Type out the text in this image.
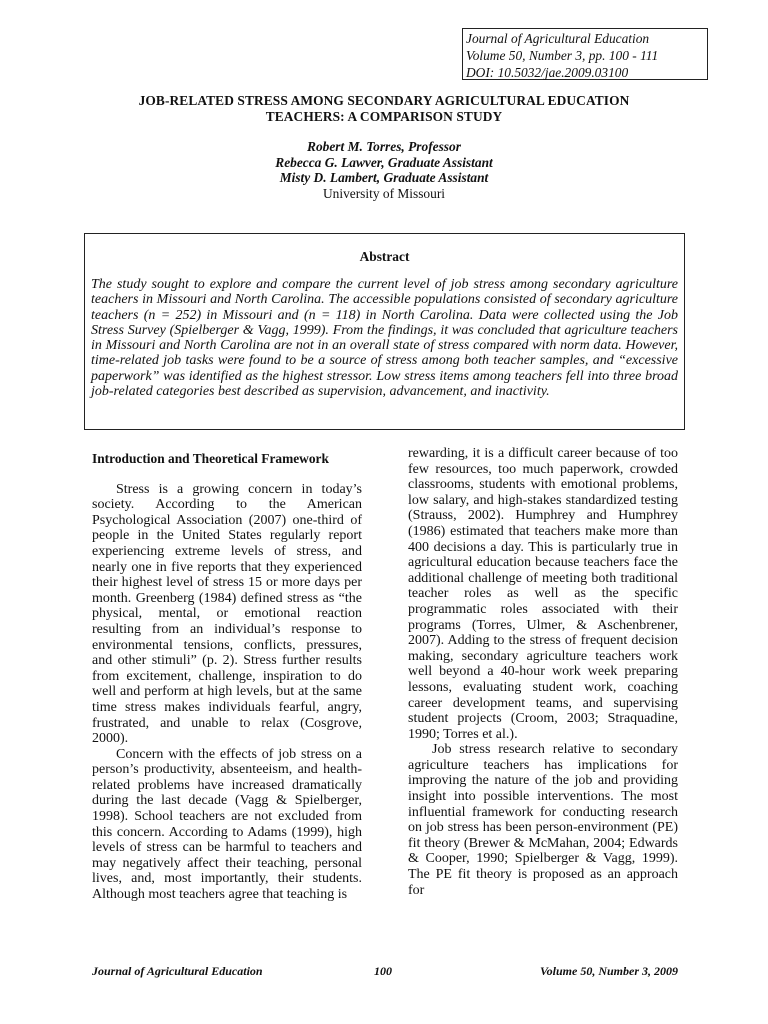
Journal of Agricultural Education
Volume 50, Number 3, pp. 100 - 111
DOI: 10.5032/jae.2009.03100
JOB-RELATED STRESS AMONG SECONDARY AGRICULTURAL EDUCATION
TEACHERS: A COMPARISON STUDY
Robert M. Torres, Professor
Rebecca G. Lawver, Graduate Assistant
Misty D. Lambert, Graduate Assistant
University of Missouri
Abstract
The study sought to explore and compare the current level of job stress among secondary agriculture teachers in Missouri and North Carolina. The accessible populations consisted of secondary agriculture teachers (n = 252) in Missouri and (n = 118) in North Carolina. Data were collected using the Job Stress Survey (Spielberger & Vagg, 1999). From the findings, it was concluded that agriculture teachers in Missouri and North Carolina are not in an overall state of stress compared with norm data. However, time-related job tasks were found to be a source of stress among both teacher samples, and “excessive paperwork” was identified as the highest stressor. Low stress items among teachers fell into three broad job-related categories best described as supervision, advancement, and inactivity.
Introduction and Theoretical Framework

Stress is a growing concern in today’s society. According to the American Psychological Association (2007) one-third of people in the United States regularly report experiencing extreme levels of stress, and nearly one in five reports that they experienced their highest level of stress 15 or more days per month. Greenberg (1984) defined stress as “the physical, mental, or emotional reaction resulting from an individual’s response to environmental tensions, conflicts, pressures, and other stimuli” (p. 2). Stress further results from excitement, challenge, inspiration to do well and perform at high levels, but at the same time stress makes individuals fearful, angry, frustrated, and unable to relax (Cosgrove, 2000).

Concern with the effects of job stress on a person’s productivity, absenteeism, and health-related problems have increased dramatically during the last decade (Vagg & Spielberger, 1998). School teachers are not excluded from this concern. According to Adams (1999), high levels of stress can be harmful to teachers and may negatively affect their teaching, personal lives, and, most importantly, their students. Although most teachers agree that teaching is

rewarding, it is a difficult career because of too few resources, too much paperwork, crowded classrooms, students with emotional problems, low salary, and high-stakes standardized testing (Strauss, 2002). Humphrey and Humphrey (1986) estimated that teachers make more than 400 decisions a day. This is particularly true in agricultural education because teachers face the additional challenge of meeting both traditional teacher roles as well as the specific programmatic roles associated with their programs (Torres, Ulmer, & Aschenbrener, 2007). Adding to the stress of frequent decision making, secondary agriculture teachers work well beyond a 40-hour work week preparing lessons, evaluating student work, coaching career development teams, and supervising student projects (Croom, 2003; Straquadine, 1990; Torres et al.).

Job stress research relative to secondary agriculture teachers has implications for improving the nature of the job and providing insight into possible interventions. The most influential framework for conducting research on job stress has been person-environment (PE) fit theory (Brewer & McMahan, 2004; Edwards & Cooper, 1990; Spielberger & Vagg, 1999). The PE fit theory is proposed as an approach for

Journal of Agricultural Education	100	Volume 50, Number 3, 2009
